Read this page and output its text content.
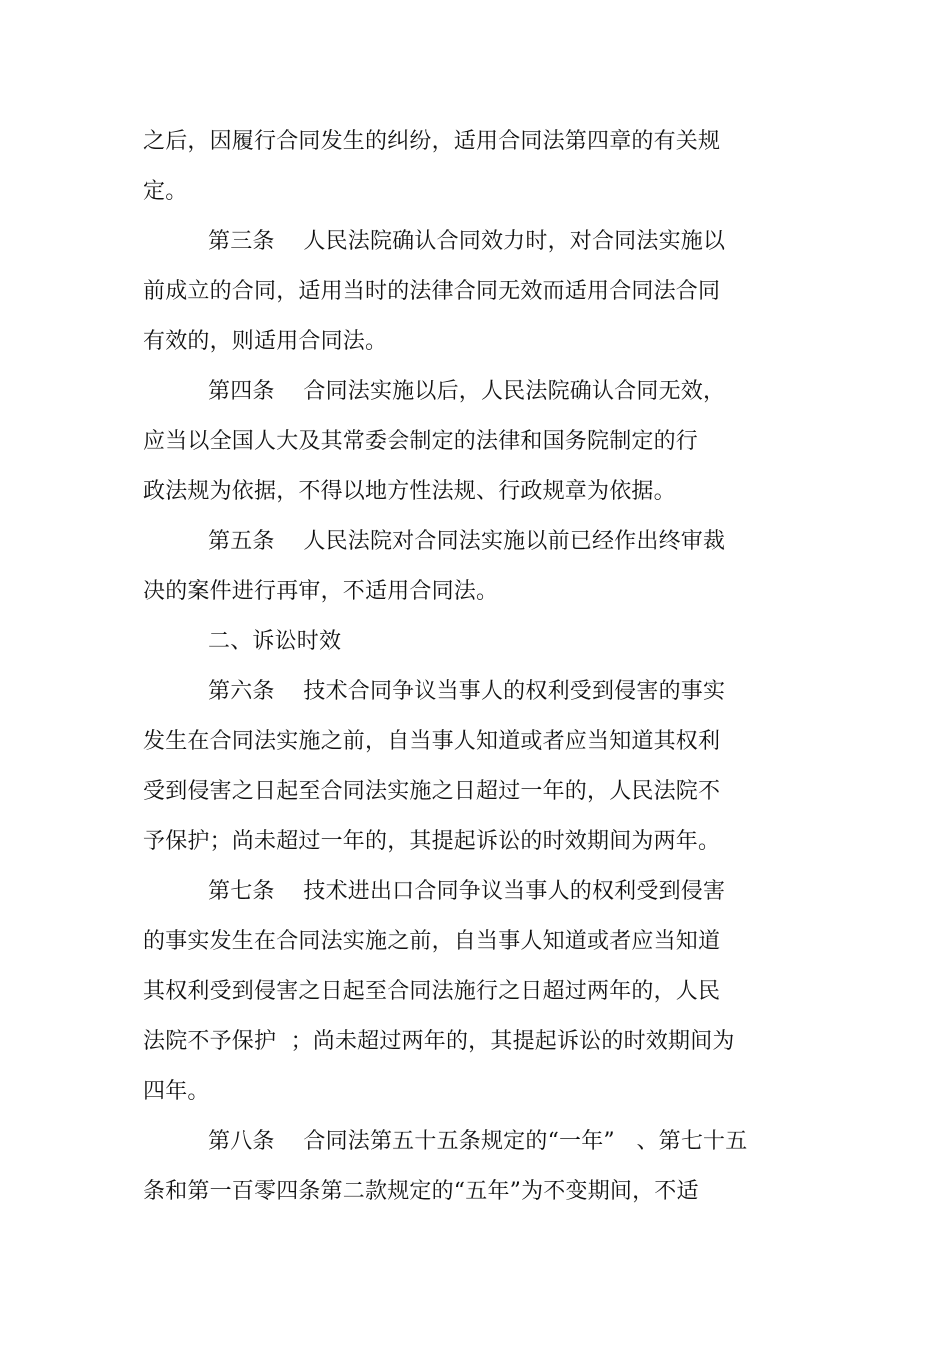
之后，因履行合同发生的纠纷，适用合同法第四章的有关规
定。
第三条    人民法院确认合同效力时，对合同法实施以
前成立的合同，适用当时的法律合同无效而适用合同法合同
有效的，则适用合同法。
第四条    合同法实施以后，人民法院确认合同无效，
应当以全国人大及其常委会制定的法律和国务院制定的行
政法规为依据，不得以地方性法规、行政规章为依据。
第五条    人民法院对合同法实施以前已经作出终审裁
决的案件进行再审，不适用合同法。
二、诉讼时效
第六条    技术合同争议当事人的权利受到侵害的事实
发生在合同法实施之前，自当事人知道或者应当知道其权利
受到侵害之日起至合同法实施之日超过一年的，人民法院不
予保护；尚未超过一年的，其提起诉讼的时效期间为两年。
第七条    技术进出口合同争议当事人的权利受到侵害
的事实发生在合同法实施之前，自当事人知道或者应当知道
其权利受到侵害之日起至合同法施行之日超过两年的，人民
法院不予保护  ；尚未超过两年的，其提起诉讼的时效期间为
四年。
第八条    合同法第五十五条规定的“一年”   、第七十五
条和第一百零四条第二款规定的“五年”为不变期间，不适
